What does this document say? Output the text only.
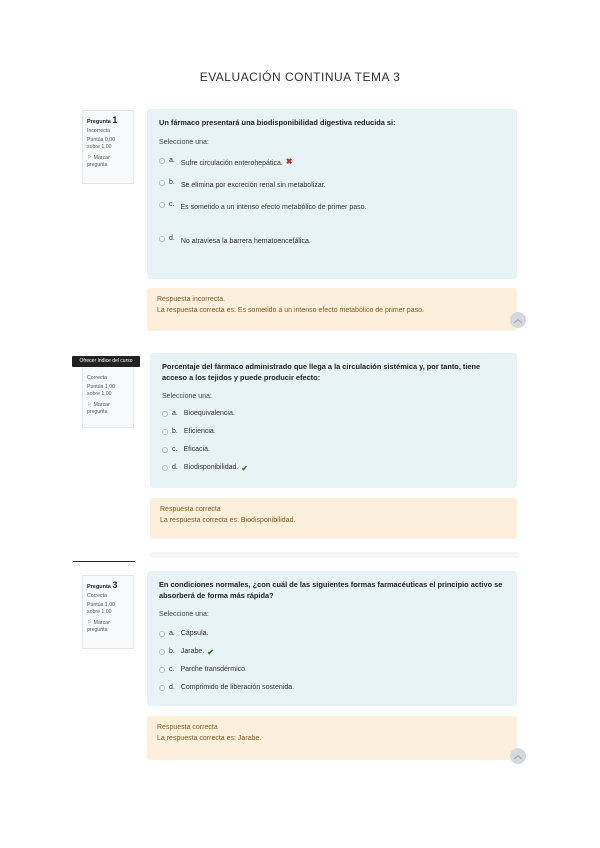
EVALUACIÓN CONTINUA TEMA 3
Pregunta 1
Incorrecta
Puntúa 0,00 sobre 1,00
⚐ Marcar pregunta

Un fármaco presentará una biodisponibilidad digestiva reducida si:

Seleccione una:
a. Sufre circulación enterohepática. ✖
b. Se elimina por excreción renal sin metabolizar.
c. Es sometido a un intenso efecto metabólico de primer paso.
d. No atraviesa la barrera hematoencefálica.
Respuesta incorrecta.
La respuesta correcta es: Es sometido a un intenso efecto metabólico de primer paso.
︿
Correcta
Puntúa 1,00 sobre 1,00
⚐ Marcar pregunta
Ofrecer índice del curso

Porcentaje del fármaco administrado que llega a la circulación sistémica y, por tanto, tiene acceso a los tejidos y puede producir efecto:

Seleccione una:
a. Bioequivalencia.
b. Eficiencia.
c. Eficacia.
d. Biodisponibilidad. ✔
Respuesta correcta
La respuesta correcta es: Biodisponibilidad.
Pregunta 3
Correcta
Puntúa 1,00 sobre 1,00
⚐ Marcar pregunta

En condiciones normales, ¿con cuál de las siguientes formas farmacéuticas el principio activo se absorberá de forma más rápida?

Seleccione una:
a. Cápsula.
b. Jarabe. ✔
c. Parche transdérmico.
d. Comprimido de liberación sostenida.
Respuesta correcta
La respuesta correcta es: Jarabe.
︿
